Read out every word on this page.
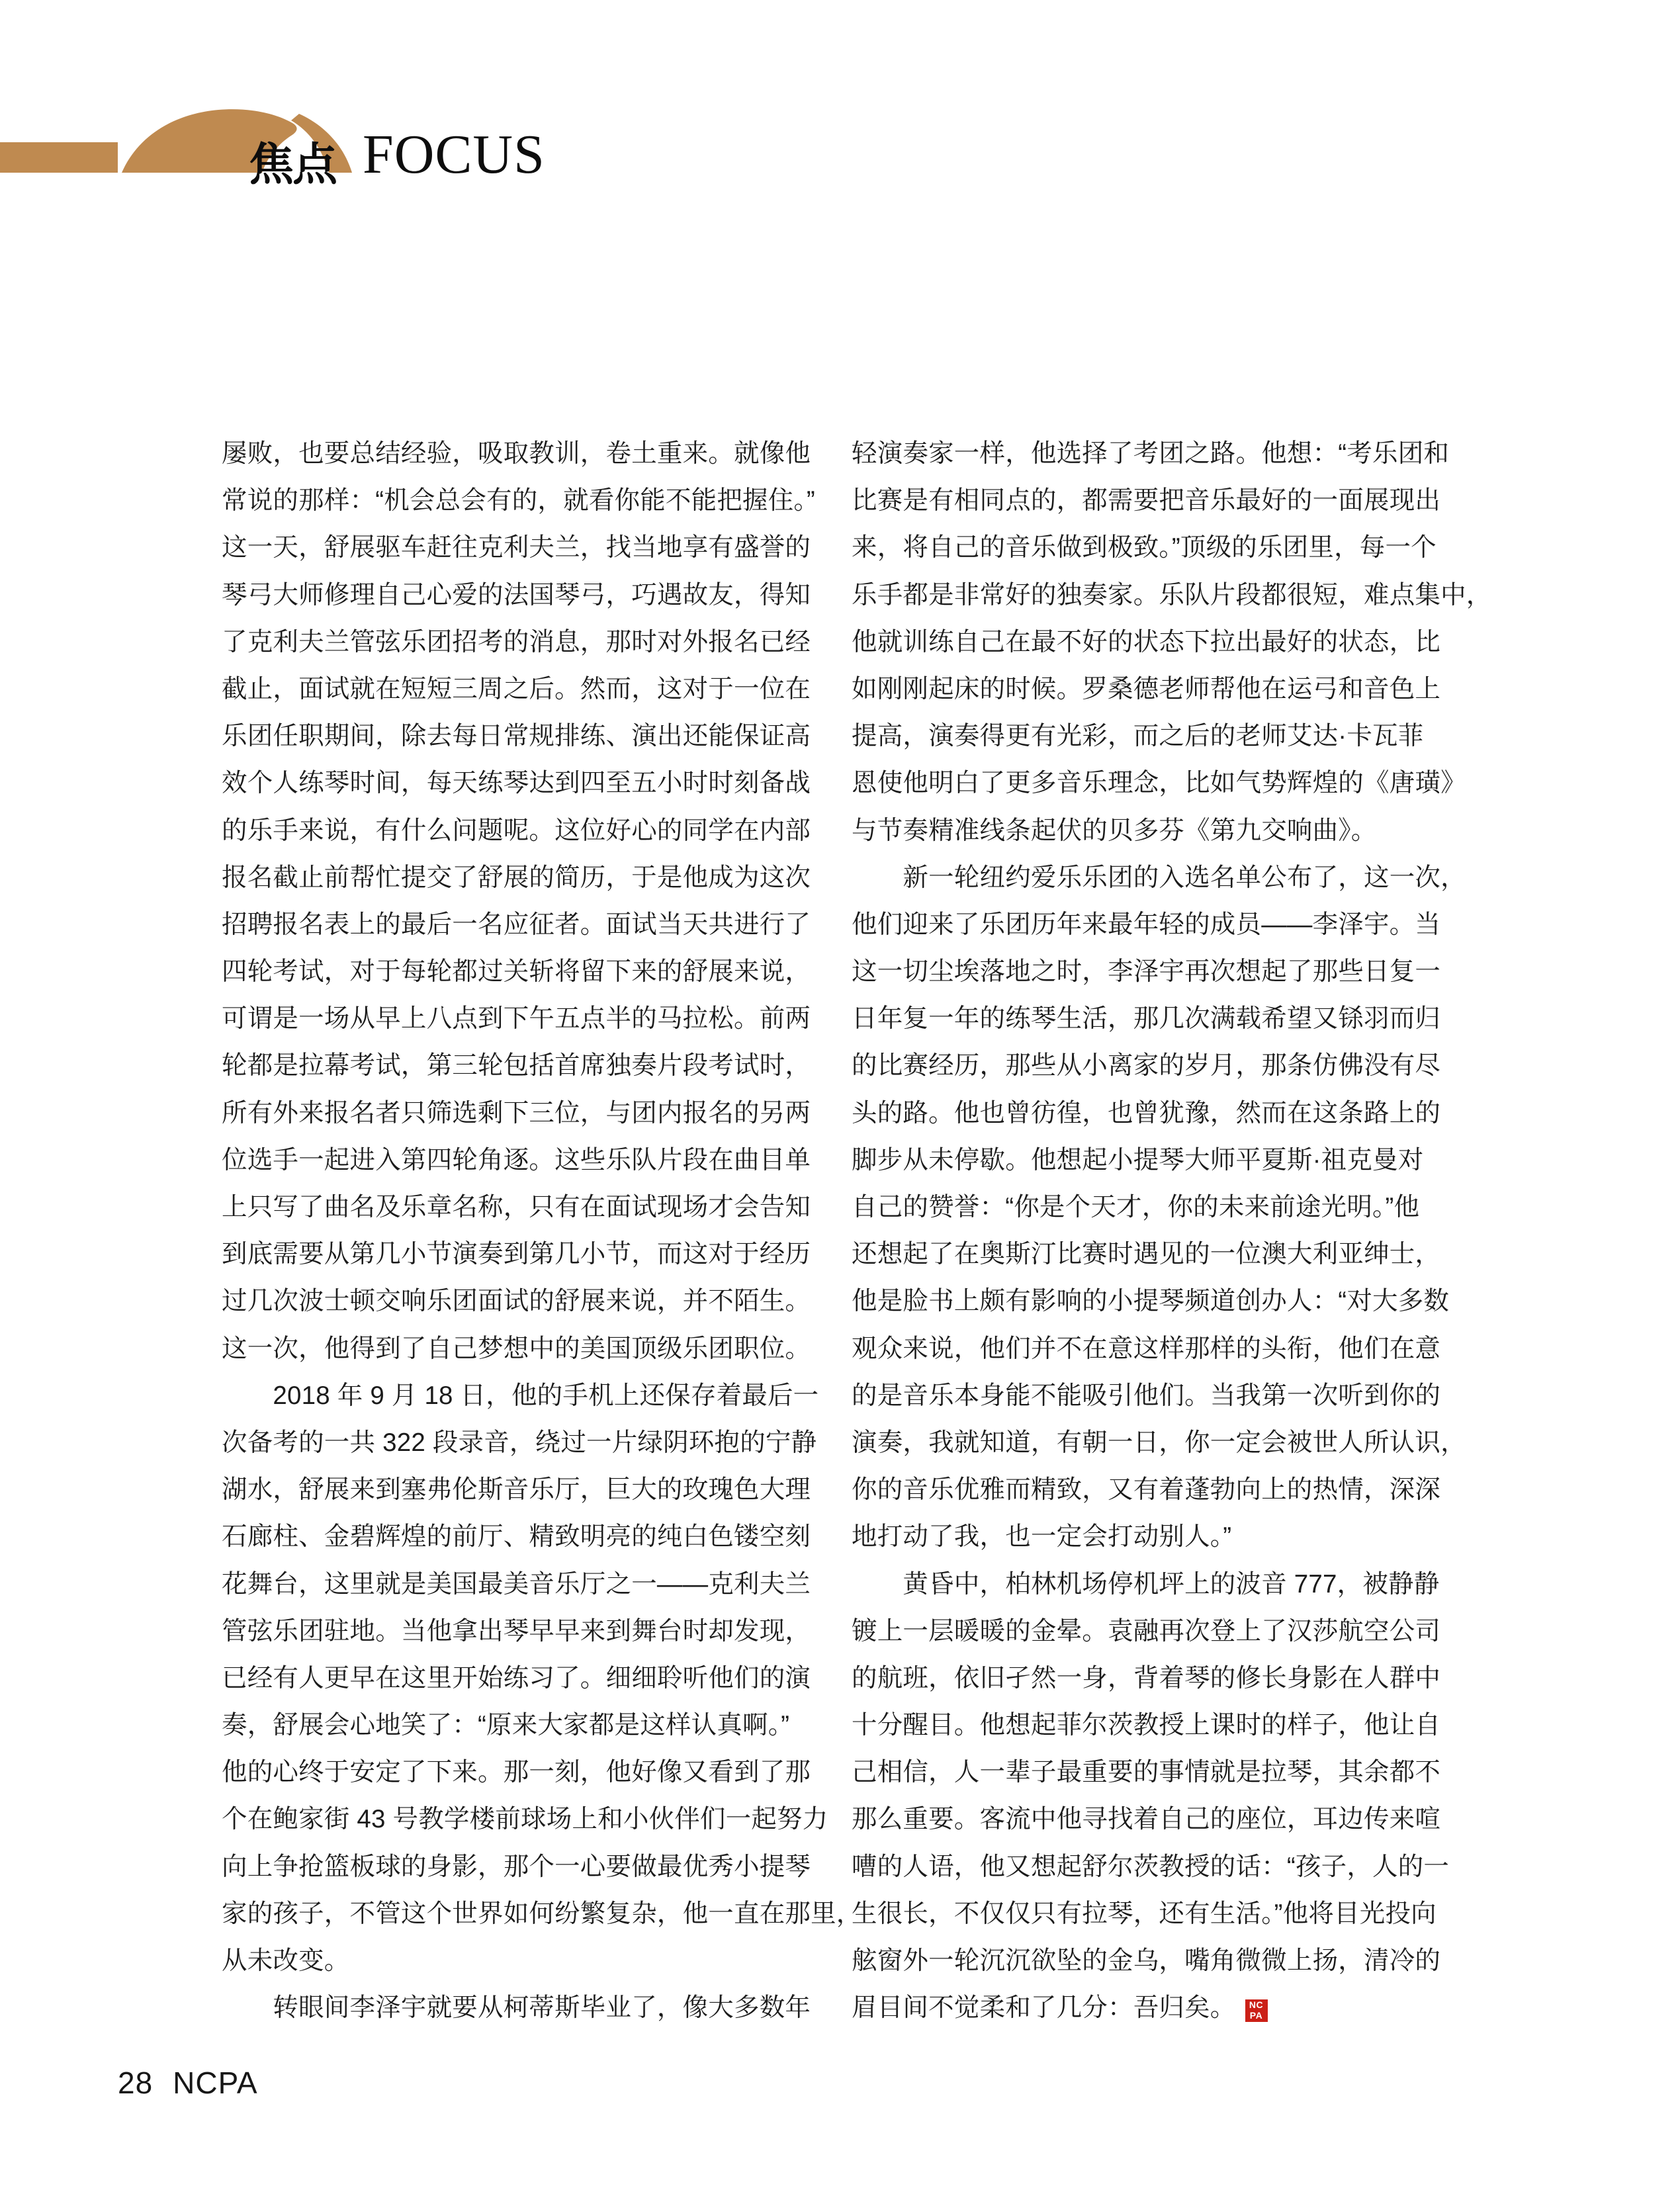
焦点 FOCUS
屡败，也要总结经验，吸取教训，卷土重来。就像他
常说的那样：“机会总会有的，就看你能不能把握住。”
这一天，舒展驱车赶往克利夫兰，找当地享有盛誉的
琴弓大师修理自己心爱的法国琴弓，巧遇故友，得知
了克利夫兰管弦乐团招考的消息，那时对外报名已经
截止，面试就在短短三周之后。然而，这对于一位在
乐团任职期间，除去每日常规排练、演出还能保证高
效个人练琴时间，每天练琴达到四至五小时时刻备战
的乐手来说，有什么问题呢。这位好心的同学在内部
报名截止前帮忙提交了舒展的简历，于是他成为这次
招聘报名表上的最后一名应征者。面试当天共进行了
四轮考试，对于每轮都过关斩将留下来的舒展来说，
可谓是一场从早上八点到下午五点半的马拉松。前两
轮都是拉幕考试，第三轮包括首席独奏片段考试时，
所有外来报名者只筛选剩下三位，与团内报名的另两
位选手一起进入第四轮角逐。这些乐队片段在曲目单
上只写了曲名及乐章名称，只有在面试现场才会告知
到底需要从第几小节演奏到第几小节，而这对于经历
过几次波士顿交响乐团面试的舒展来说，并不陌生。
这一次，他得到了自己梦想中的美国顶级乐团职位。
　　2018 年 9 月 18 日，他的手机上还保存着最后一
次备考的一共 322 段录音，绕过一片绿阴环抱的宁静
湖水，舒展来到塞弗伦斯音乐厅，巨大的玫瑰色大理
石廊柱、金碧辉煌的前厅、精致明亮的纯白色镂空刻
花舞台，这里就是美国最美音乐厅之一——克利夫兰
管弦乐团驻地。当他拿出琴早早来到舞台时却发现，
已经有人更早在这里开始练习了。细细聆听他们的演
奏，舒展会心地笑了：“原来大家都是这样认真啊。”
他的心终于安定了下来。那一刻，他好像又看到了那
个在鲍家街 43 号教学楼前球场上和小伙伴们一起努力
向上争抢篮板球的身影，那个一心要做最优秀小提琴
家的孩子，不管这个世界如何纷繁复杂，他一直在那里，
从未改变。
　　转眼间李泽宇就要从柯蒂斯毕业了，像大多数年
轻演奏家一样，他选择了考团之路。他想：“考乐团和
比赛是有相同点的，都需要把音乐最好的一面展现出
来，将自己的音乐做到极致。”顶级的乐团里，每一个
乐手都是非常好的独奏家。乐队片段都很短，难点集中，
他就训练自己在最不好的状态下拉出最好的状态，比
如刚刚起床的时候。罗桑德老师帮他在运弓和音色上
提高，演奏得更有光彩，而之后的老师艾达·卡瓦菲
恩使他明白了更多音乐理念，比如气势辉煌的《唐璜》
与节奏精准线条起伏的贝多芬《第九交响曲》。
　　新一轮纽约爱乐乐团的入选名单公布了，这一次，
他们迎来了乐团历年来最年轻的成员——李泽宇。当
这一切尘埃落地之时，李泽宇再次想起了那些日复一
日年复一年的练琴生活，那几次满载希望又铩羽而归
的比赛经历，那些从小离家的岁月，那条仿佛没有尽
头的路。他也曾彷徨，也曾犹豫，然而在这条路上的
脚步从未停歇。他想起小提琴大师平夏斯·祖克曼对
自己的赞誉：“你是个天才，你的未来前途光明。”他
还想起了在奥斯汀比赛时遇见的一位澳大利亚绅士，
他是脸书上颇有影响的小提琴频道创办人：“对大多数
观众来说，他们并不在意这样那样的头衔，他们在意
的是音乐本身能不能吸引他们。当我第一次听到你的
演奏，我就知道，有朝一日，你一定会被世人所认识，
你的音乐优雅而精致，又有着蓬勃向上的热情，深深
地打动了我，也一定会打动别人。”
　　黄昏中，柏林机场停机坪上的波音 777，被静静
镀上一层暖暖的金晕。袁融再次登上了汉莎航空公司
的航班，依旧孑然一身，背着琴的修长身影在人群中
十分醒目。他想起菲尔茨教授上课时的样子，他让自
己相信，人一辈子最重要的事情就是拉琴，其余都不
那么重要。客流中他寻找着自己的座位，耳边传来喧
嘈的人语，他又想起舒尔茨教授的话：“孩子，人的一
生很长，不仅仅只有拉琴，还有生活。”他将目光投向
舷窗外一轮沉沉欲坠的金乌，嘴角微微上扬，清冷的
眉目间不觉柔和了几分：吾归矣。	NC
PA
28 NCPA
